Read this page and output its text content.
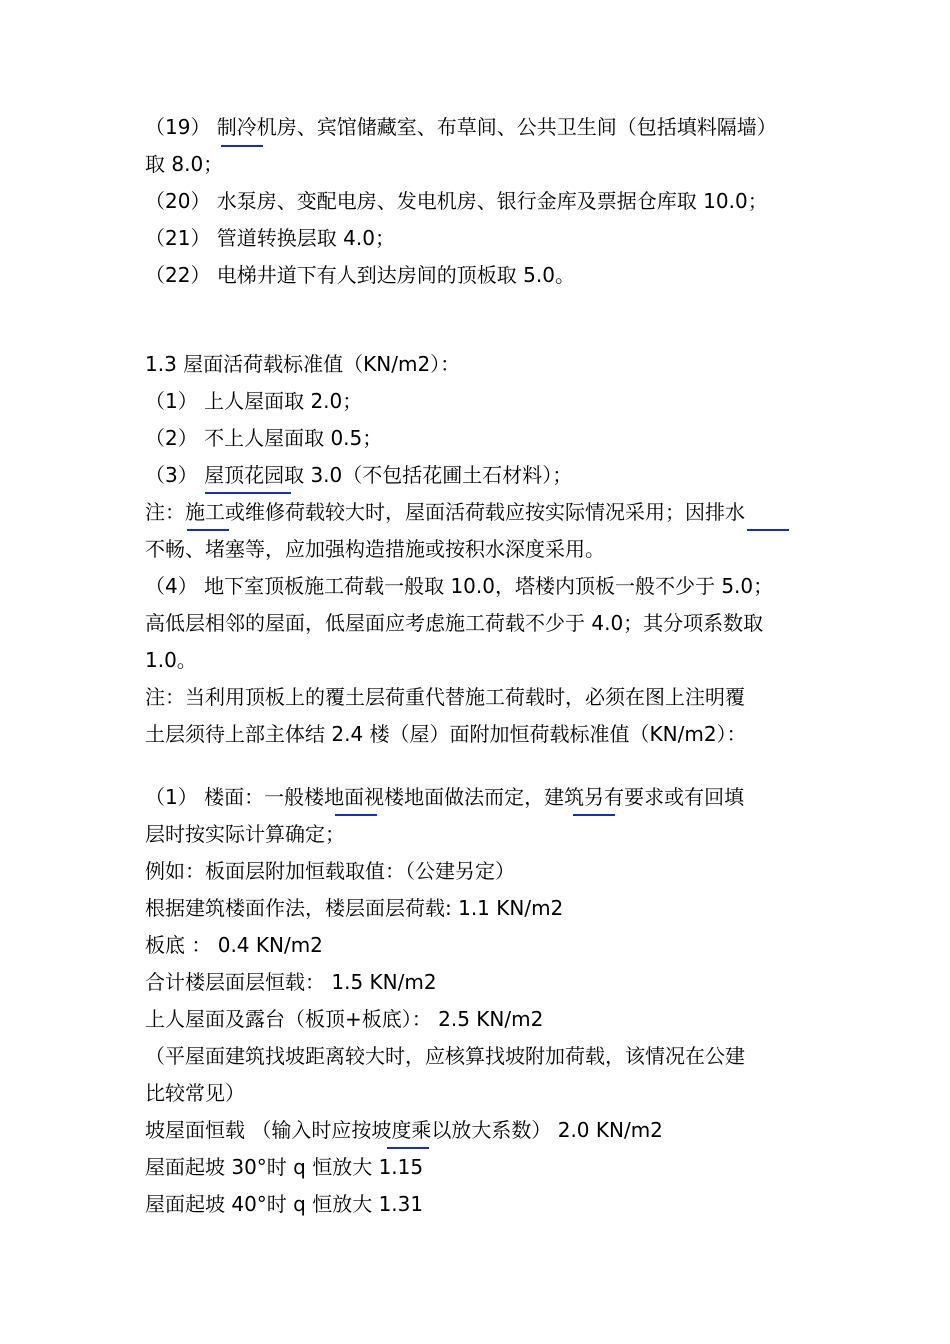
（19） 制冷机房、宾馆储藏室、布草间、公共卫生间（包括填料隔墙）
取 8.0；
（20） 水泵房、变配电房、发电机房、银行金库及票据仓库取 10.0；
（21） 管道转换层取 4.0；
（22） 电梯井道下有人到达房间的顶板取 5.0。
1.3 屋面活荷载标准值（KN/m2）：
（1） 上人屋面取 2.0；
（2） 不上人屋面取 0.5；
（3） 屋顶花园取 3.0（不包括花圃土石材料）；
注：施工或维修荷载较大时，屋面活荷载应按实际情况采用；因排水
不畅、堵塞等，应加强构造措施或按积水深度采用。
（4） 地下室顶板施工荷载一般取 10.0，塔楼内顶板一般不少于 5.0；
高低层相邻的屋面，低屋面应考虑施工荷载不少于 4.0；其分项系数取
1.0。
注：当利用顶板上的覆土层荷重代替施工荷载时，必须在图上注明覆
土层须待上部主体结 2.4 楼（屋）面附加恒荷载标准值（KN/m2）：
（1） 楼面：一般楼地面视楼地面做法而定，建筑另有要求或有回填
层时按实际计算确定；
例如：板面层附加恒载取值：（公建另定）
根据建筑楼面作法，楼层面层荷载: 1.1 KN/m2
板底 ： 0.4 KN/m2
合计楼层面层恒载： 1.5 KN/m2
上人屋面及露台（板顶+板底）： 2.5 KN/m2
（平屋面建筑找坡距离较大时，应核算找坡附加荷载，该情况在公建
比较常见）
坡屋面恒载 （输入时应按坡度乘以放大系数） 2.0 KN/m2
屋面起坡 30°时 q 恒放大 1.15
屋面起坡 40°时 q 恒放大 1.31
